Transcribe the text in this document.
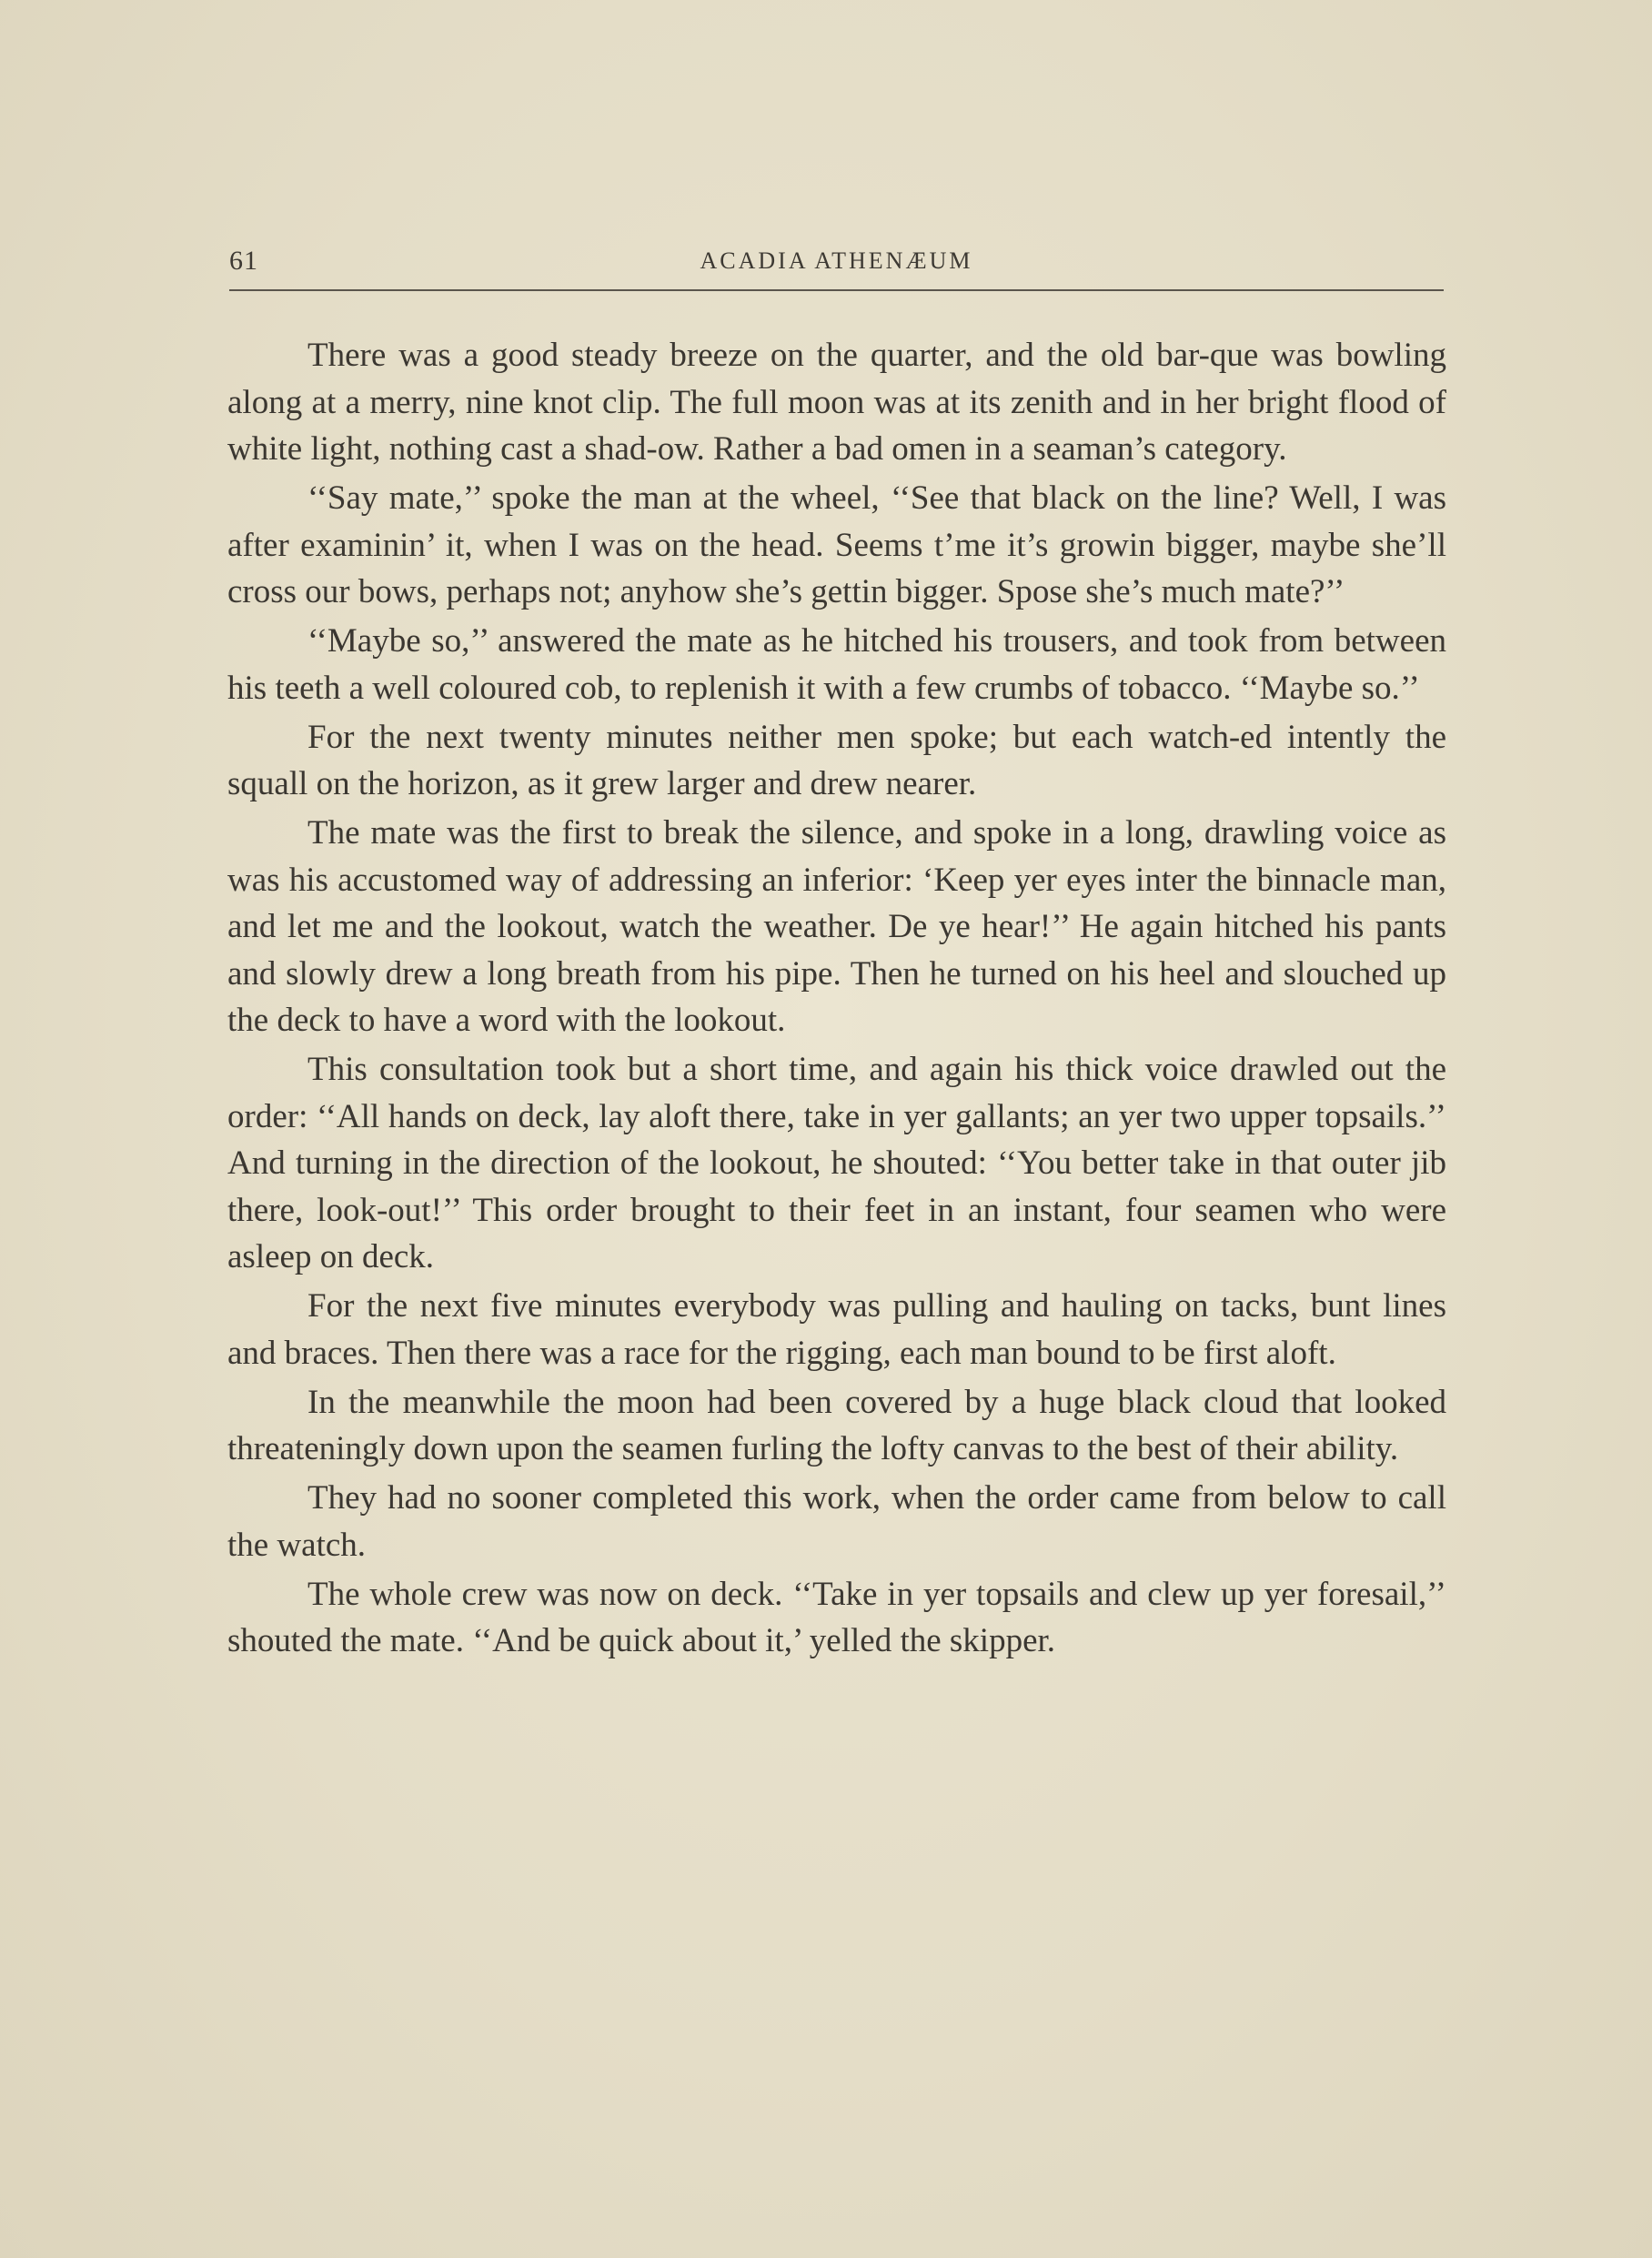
61	ACADIA ATHENÆUM

There was a good steady breeze on the quarter, and the old bar-que was bowling along at a merry, nine knot clip. The full moon was at its zenith and in her bright flood of white light, nothing cast a shad-ow. Rather a bad omen in a seaman’s category.

‘‘Say mate,’’ spoke the man at the wheel, ‘‘See that black on the line? Well, I was after examinin’ it, when I was on the head. Seems t’me it’s growin bigger, maybe she’ll cross our bows, perhaps not; anyhow she’s gettin bigger. Spose she’s much mate?’’

‘‘Maybe so,’’ answered the mate as he hitched his trousers, and took from between his teeth a well coloured cob, to replenish it with a few crumbs of tobacco. ‘‘Maybe so.’’

For the next twenty minutes neither men spoke; but each watch-ed intently the squall on the horizon, as it grew larger and drew nearer.

The mate was the first to break the silence, and spoke in a long, drawling voice as was his accustomed way of addressing an inferior: ‘Keep yer eyes inter the binnacle man, and let me and the lookout, watch the weather. De ye hear!’’ He again hitched his pants and slowly drew a long breath from his pipe. Then he turned on his heel and slouched up the deck to have a word with the lookout.

This consultation took but a short time, and again his thick voice drawled out the order: ‘‘All hands on deck, lay aloft there, take in yer gallants; an yer two upper topsails.’’ And turning in the direction of the lookout, he shouted: ‘‘You better take in that outer jib there, look-out!’’ This order brought to their feet in an instant, four seamen who were asleep on deck.

For the next five minutes everybody was pulling and hauling on tacks, bunt lines and braces. Then there was a race for the rigging, each man bound to be first aloft.

In the meanwhile the moon had been covered by a huge black cloud that looked threateningly down upon the seamen furling the lofty canvas to the best of their ability.

They had no sooner completed this work, when the order came from below to call the watch.

The whole crew was now on deck. ‘‘Take in yer topsails and clew up yer foresail,’’ shouted the mate. ‘‘And be quick about it,’ yelled the skipper.
